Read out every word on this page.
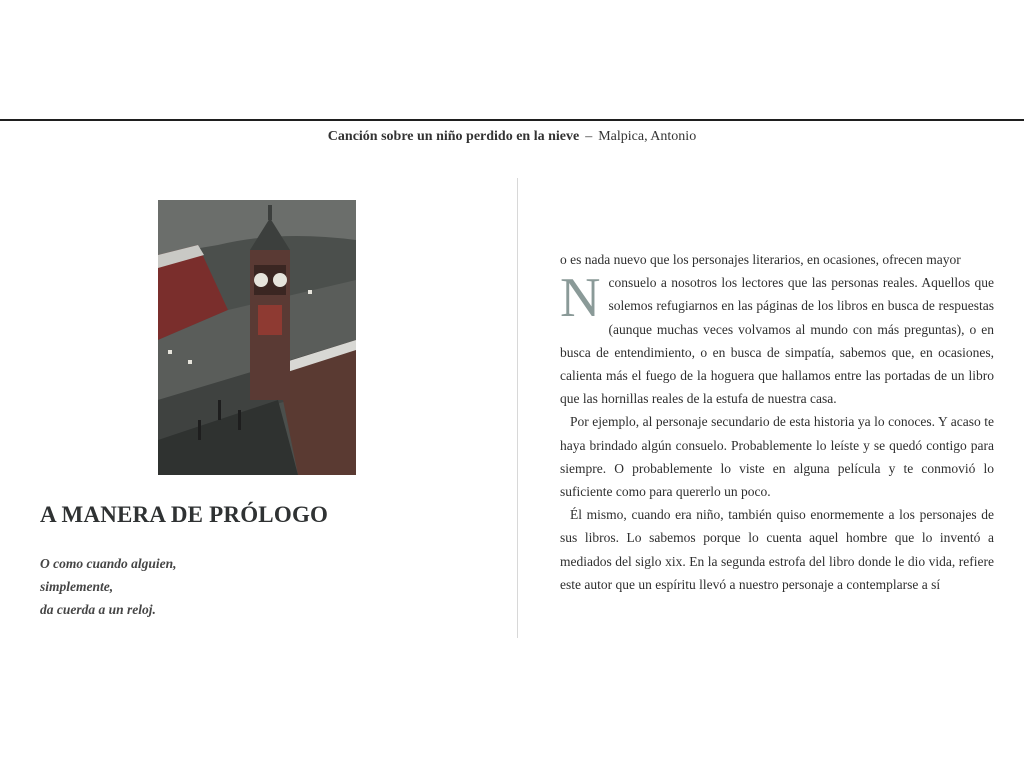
Canción sobre un niño perdido en la nieve – Malpica, Antonio
A MANERA DE PRÓLOGO

O como cuando alguien,
simplemente,
da cuerda a un reloj.

o es nada nuevo que los personajes literarios, en ocasiones, ofrecen mayor
N consuelo a nosotros los lectores que las personas reales. Aquellos que solemos refugiarnos en las páginas de los libros en busca de respuestas (aunque muchas veces volvamos al mundo con más preguntas), o en busca de entendimiento, o en busca de simpatía, sabemos que, en ocasiones, calienta más el fuego de la hoguera que hallamos entre las portadas de un libro que las hornillas reales de la estufa de nuestra casa.

Por ejemplo, al personaje secundario de esta historia ya lo conoces. Y acaso te haya brindado algún consuelo. Probablemente lo leíste y se quedó contigo para siempre. O probablemente lo viste en alguna película y te conmovió lo suficiente como para quererlo un poco.

Él mismo, cuando era niño, también quiso enormemente a los personajes de sus libros. Lo sabemos porque lo cuenta aquel hombre que lo inventó a mediados del siglo xix. En la segunda estrofa del libro donde le dio vida, refiere este autor que un espíritu llevó a nuestro personaje a contemplarse a sí
